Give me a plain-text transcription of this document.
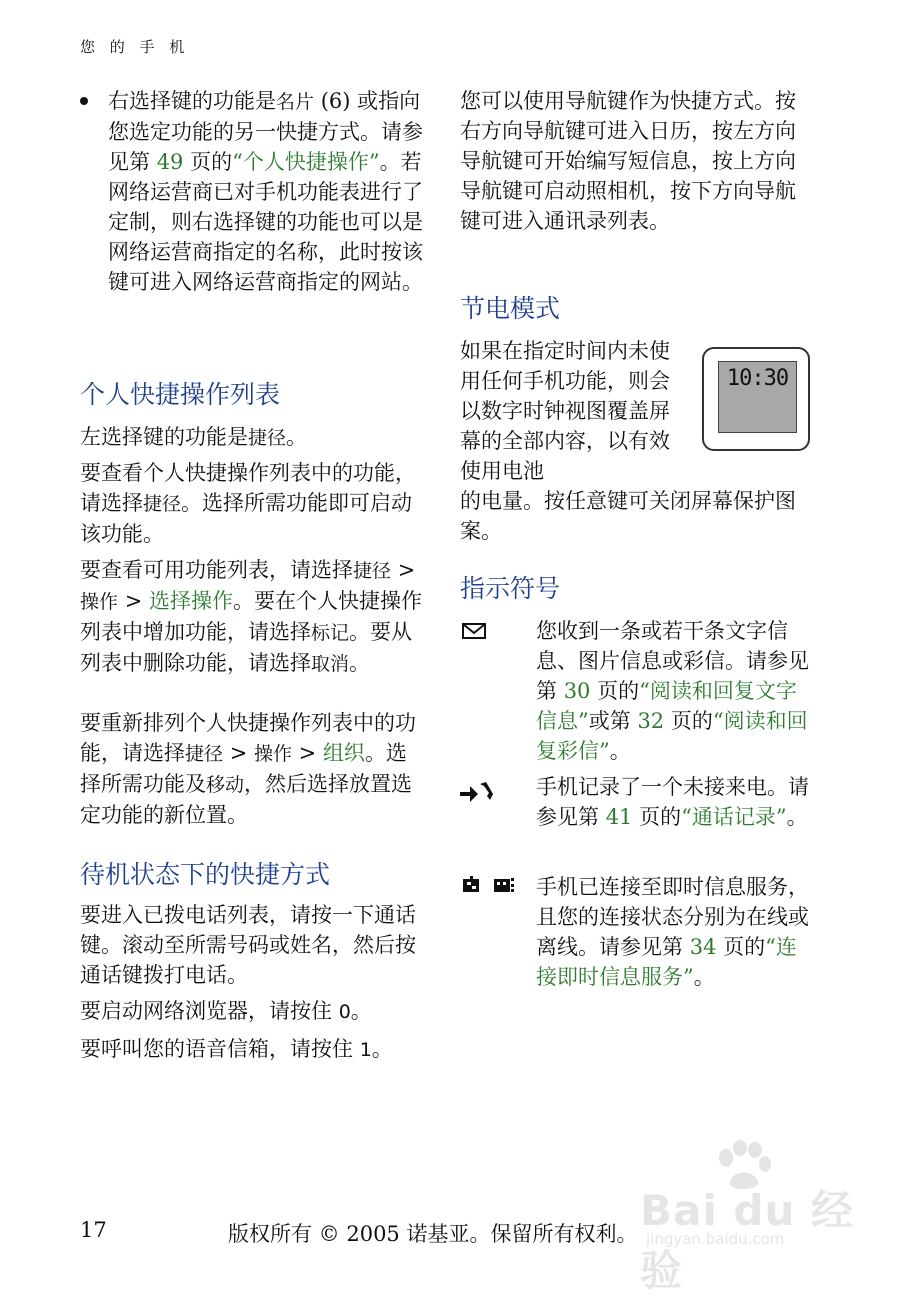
您 的 手 机

右选择键的功能是名片 (6) 或指向您选定功能的另一快捷方式。请参见第 49 页的“个人快捷操作”。若网络运营商已对手机功能表进行了定制，则右选择键的功能也可以是网络运营商指定的名称，此时按该键可进入网络运营商指定的网站。

个人快捷操作列表

左选择键的功能是捷径。

要查看个人快捷操作列表中的功能，请选择捷径。选择所需功能即可启动该功能。

要查看可用功能列表，请选择捷径 > 操作 > 选择操作。要在个人快捷操作列表中增加功能，请选择标记。要从列表中删除功能，请选择取消。

要重新排列个人快捷操作列表中的功能，请选择捷径 > 操作 > 组织。选择所需功能及移动，然后选择放置选定功能的新位置。

待机状态下的快捷方式

要进入已拨电话列表，请按一下通话键。滚动至所需号码或姓名，然后按通话键拨打电话。

要启动网络浏览器，请按住 0。

要呼叫您的语音信箱，请按住 1。

您可以使用导航键作为快捷方式。按右方向导航键可进入日历，按左方向导航键可开始编写短信息，按上方向导航键可启动照相机，按下方向导航键可进入通讯录列表。

节电模式

如果在指定时间内未使用任何手机功能，则会以数字时钟视图覆盖屏幕的全部内容，以有效使用电池

的电量。按任意键可关闭屏幕保护图案。

指示符号

您收到一条或若干条文字信息、图片信息或彩信。请参见第 30 页的“阅读和回复文字信息”或第 32 页的“阅读和回复彩信”。

手机记录了一个未接来电。请参见第 41 页的“通话记录”。

手机已连接至即时信息服务，且您的连接状态分别为在线或离线。请参见第 34 页的“连接即时信息服务”。

10:30
Bai du 经验
jingyan.baidu.com
17	版权所有 © 2005 诺基亚。保留所有权利。
